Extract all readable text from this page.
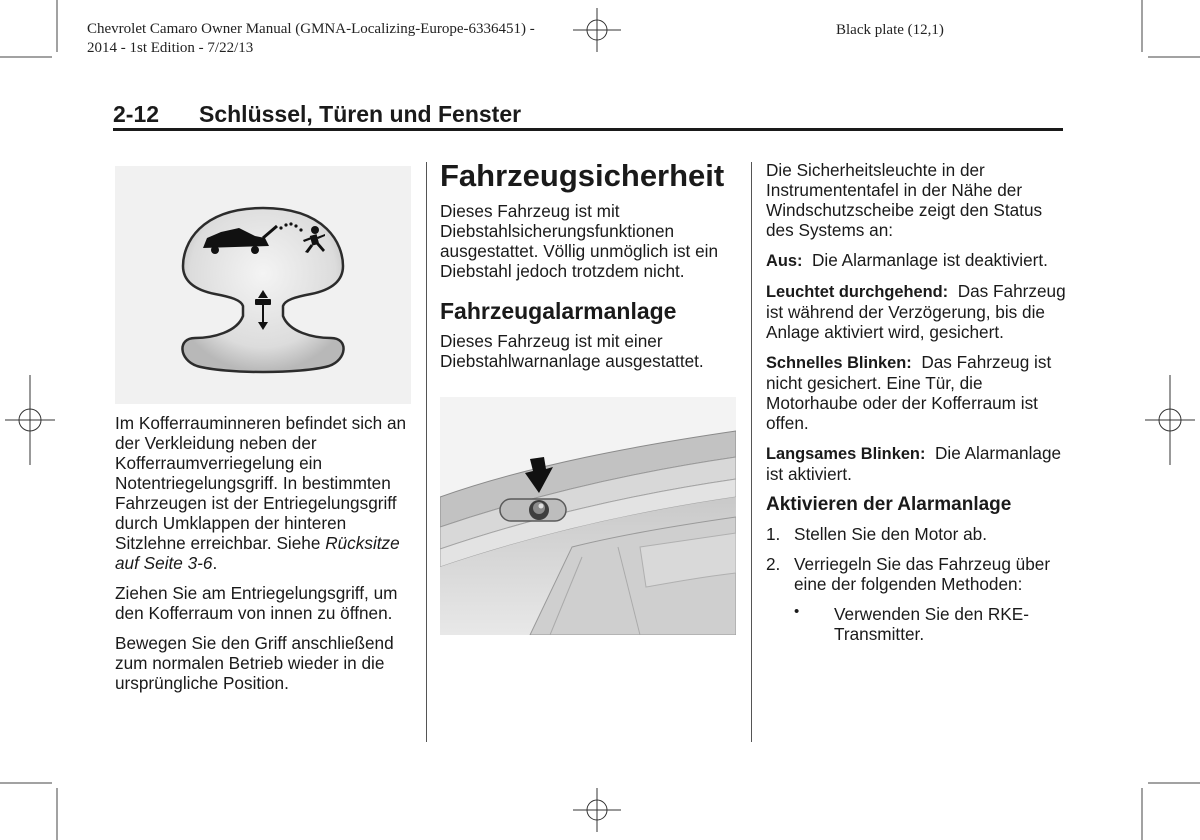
Chevrolet Camaro Owner Manual (GMNA-Localizing-Europe-6336451) -
2014 - 1st Edition - 7/22/13
Black plate (12,1)
2-12 Schlüssel, Türen und Fenster

Im Kofferrauminneren befindet sich an der Verkleidung neben der Kofferraumverriegelung ein Notentriegelungsgriff. In bestimmten Fahrzeugen ist der Entriegelungsgriff durch Umklappen der hinteren Sitzlehne erreichbar. Siehe Rücksitze auf Seite 3-6.

Ziehen Sie am Entriegelungsgriff, um den Kofferraum von innen zu öffnen.

Bewegen Sie den Griff anschließend zum normalen Betrieb wieder in die ursprüngliche Position.

Fahrzeugsicherheit

Dieses Fahrzeug ist mit Diebstahlsicherungsfunktionen ausgestattet. Völlig unmöglich ist ein Diebstahl jedoch trotzdem nicht.

Fahrzeugalarmanlage

Dieses Fahrzeug ist mit einer Diebstahlwarnanlage ausgestattet.

Die Sicherheitsleuchte in der Instrumententafel in der Nähe der Windschutzscheibe zeigt den Status des Systems an:

Aus: Die Alarmanlage ist deaktiviert.

Leuchtet durchgehend: Das Fahrzeug ist während der Verzögerung, bis die Anlage aktiviert wird, gesichert.

Schnelles Blinken: Das Fahrzeug ist nicht gesichert. Eine Tür, die Motorhaube oder der Kofferraum ist offen.

Langsames Blinken: Die Alarmanlage ist aktiviert.

Aktivieren der Alarmanlage
1. Stellen Sie den Motor ab.
2. Verriegeln Sie das Fahrzeug über eine der folgenden Methoden:
• Verwenden Sie den RKE-Transmitter.
